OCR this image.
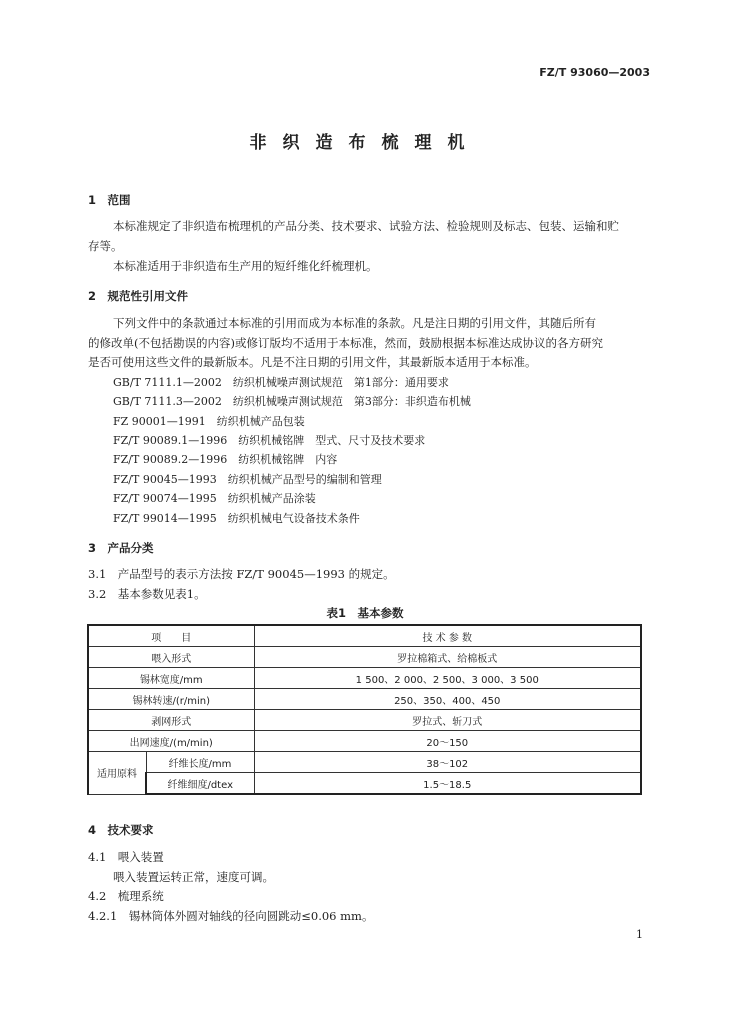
FZ/T 93060—2003
非织造布梳理机
1　范围
本标准规定了非织造布梳理机的产品分类、技术要求、试验方法、检验规则及标志、包装、运输和贮
存等。
本标准适用于非织造布生产用的短纤维化纤梳理机。
2　规范性引用文件
下列文件中的条款通过本标准的引用而成为本标准的条款。凡是注日期的引用文件，其随后所有
的修改单(不包括勘误的内容)或修订版均不适用于本标准，然而，鼓励根据本标准达成协议的各方研究
是否可使用这些文件的最新版本。凡是不注日期的引用文件，其最新版本适用于本标准。
GB/T 7111.1—2002　纺织机械噪声测试规范　第1部分：通用要求
GB/T 7111.3—2002　纺织机械噪声测试规范　第3部分：非织造布机械
FZ 90001—1991　纺织机械产品包装
FZ/T 90089.1—1996　纺织机械铭牌　型式、尺寸及技术要求
FZ/T 90089.2—1996　纺织机械铭牌　内容
FZ/T 90045—1993　纺织机械产品型号的编制和管理
FZ/T 90074—1995　纺织机械产品涂装
FZ/T 99014—1995　纺织机械电气设备技术条件
3　产品分类
3.1　产品型号的表示方法按 FZ/T 90045—1993 的规定。
3.2　基本参数见表1。
表1　基本参数
项　　目		技 术 参 数
喂入形式		罗拉棉箱式、给棉板式
锡林宽度/mm		1 500、2 000、2 500、3 000、3 500
锡林转速/(r/min)		250、350、400、450
剥网形式		罗拉式、斩刀式
出网速度/(m/min)		20～150
适用原料	纤维长度/mm	38～102
	纤维细度/dtex	1.5～18.5
4　技术要求
4.1　喂入装置
喂入装置运转正常，速度可调。
4.2　梳理系统
4.2.1　锡林筒体外圆对轴线的径向圆跳动≤0.06 mm。
1
